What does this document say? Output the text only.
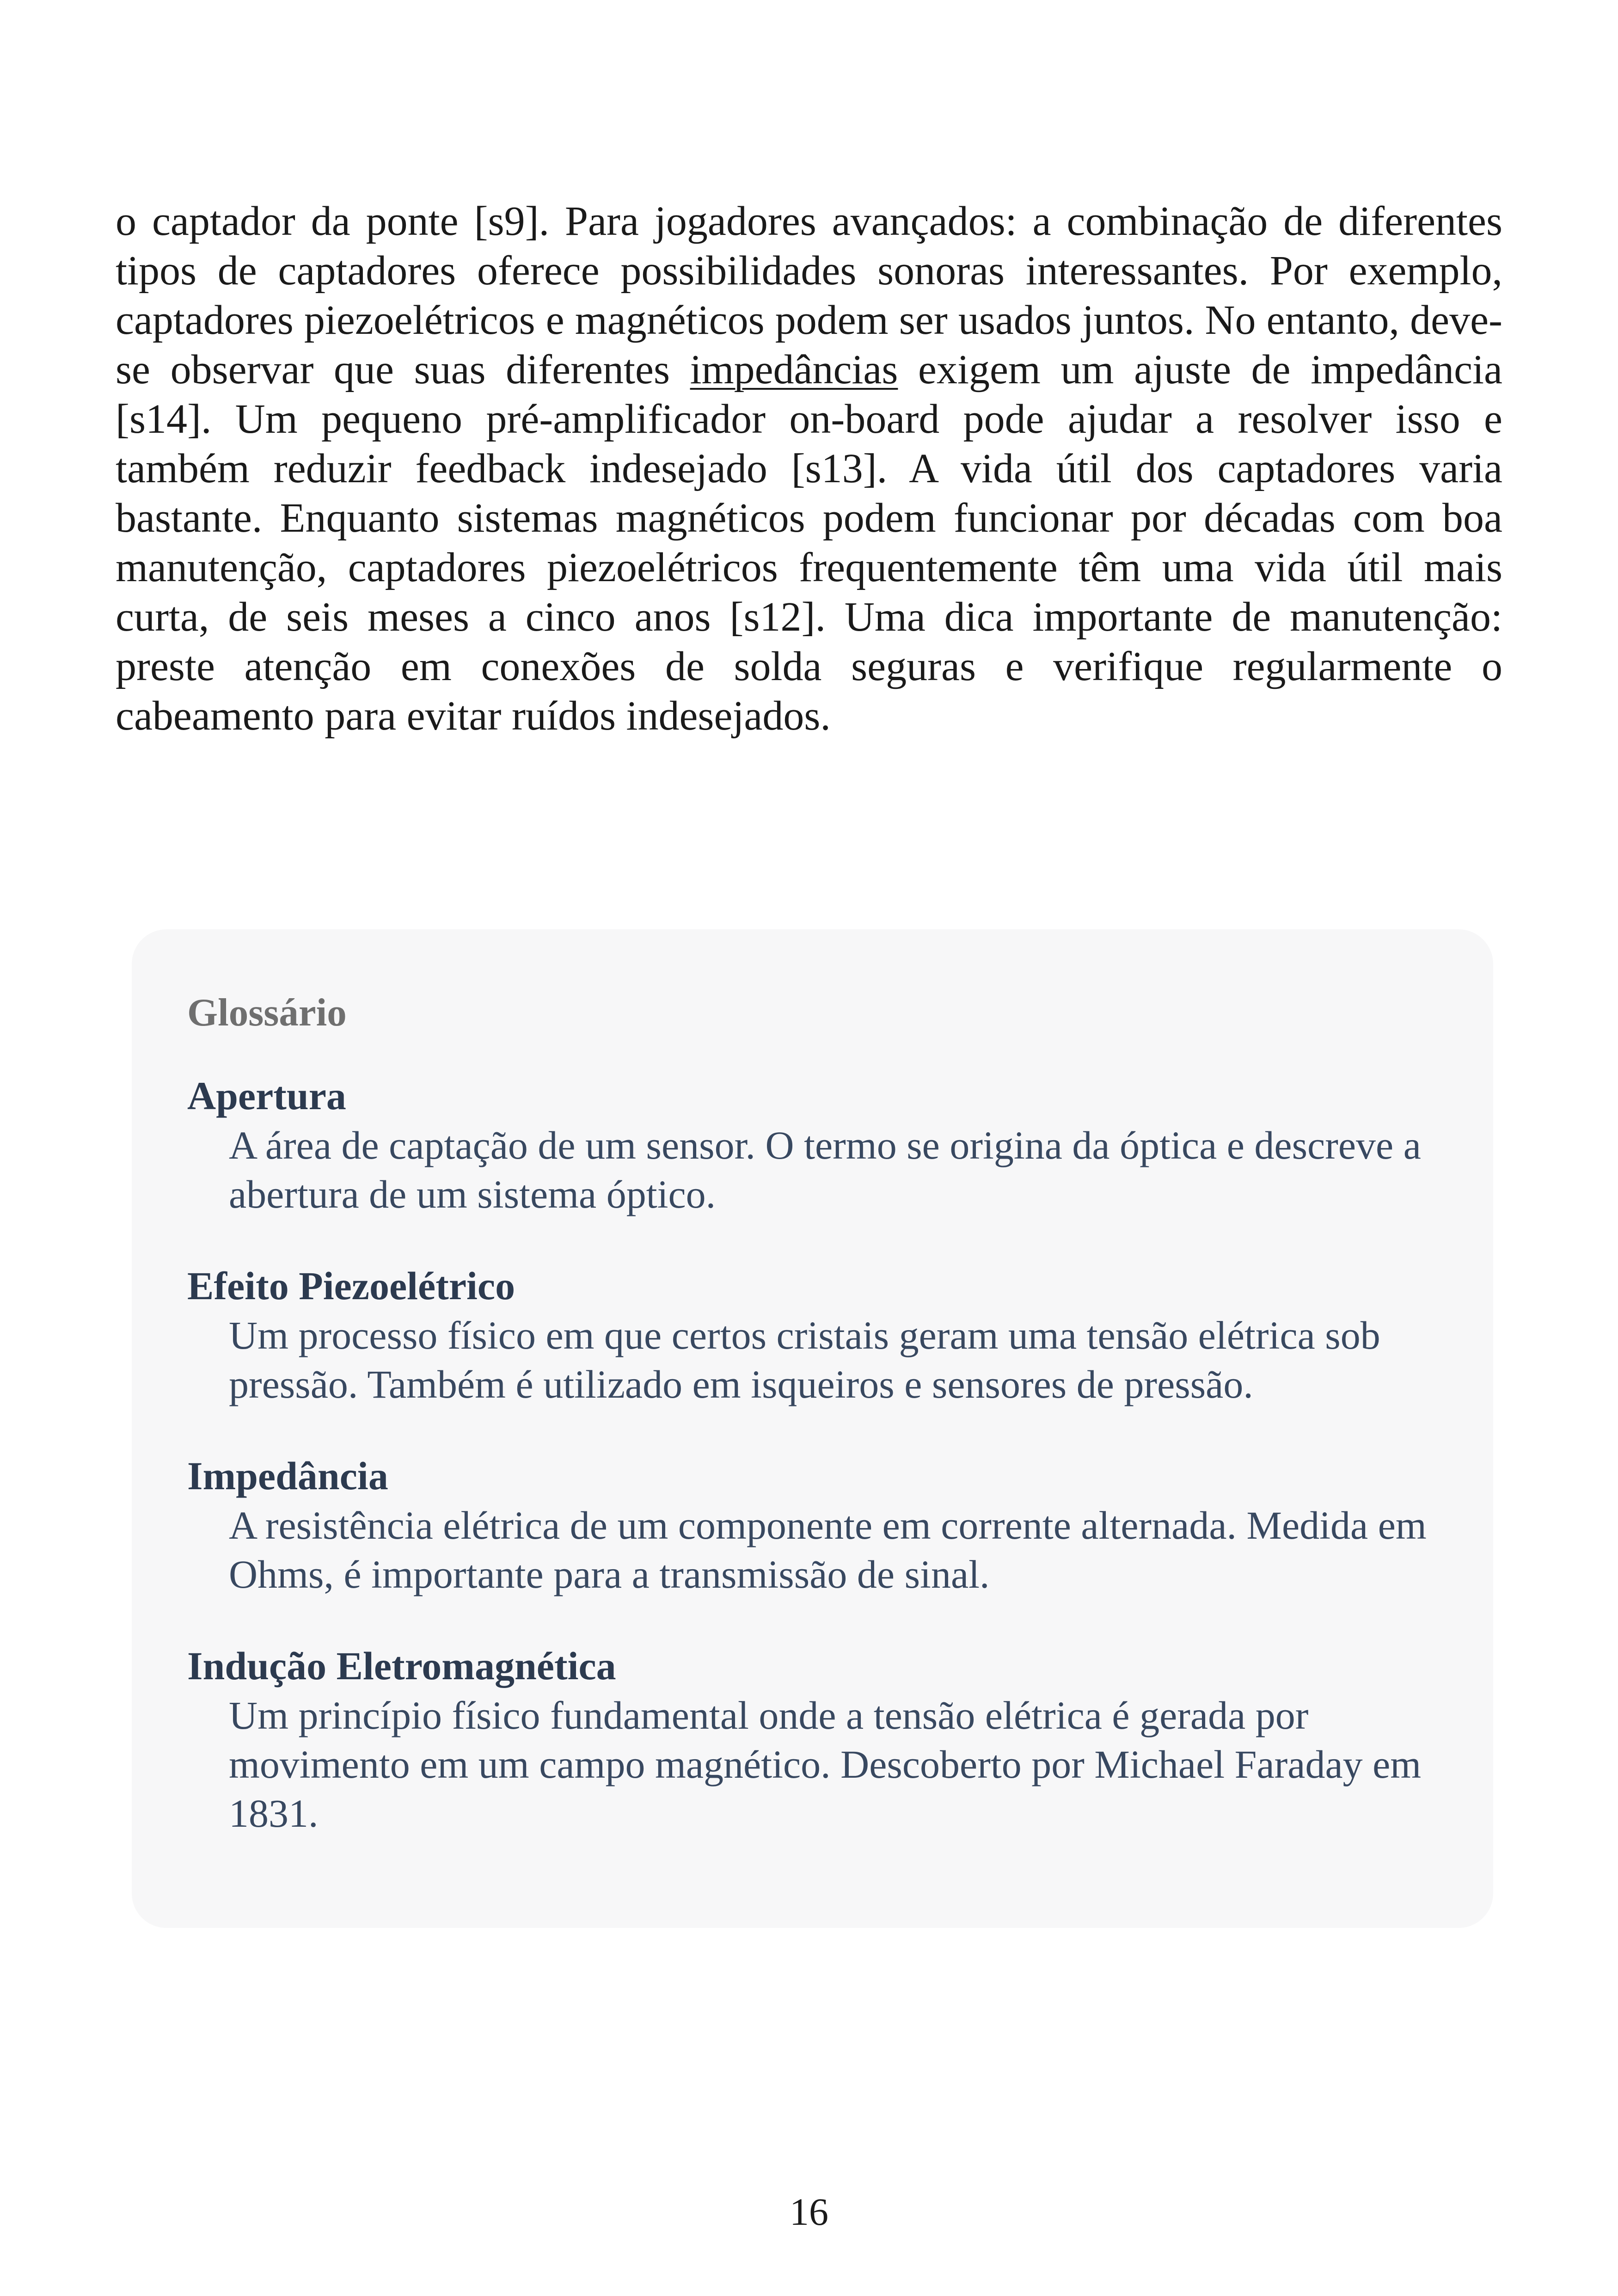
o captador da ponte [s9]. Para jogadores avançados: a combinação de diferentes tipos de captadores oferece possibilidades sonoras interessantes. Por exemplo, captadores piezoelétricos e magnéticos podem ser usados juntos. No entanto, deve-se observar que suas diferentes impedâncias exigem um ajuste de impedância [s14]. Um pequeno pré-amplificador on-board pode ajudar a resolver isso e também reduzir feedback indesejado [s13]. A vida útil dos captadores varia bastante. Enquanto sistemas magnéticos podem funcionar por décadas com boa manutenção, captadores piezoelétricos frequentemente têm uma vida útil mais curta, de seis meses a cinco anos [s12]. Uma dica importante de manutenção: preste atenção em conexões de solda seguras e verifique regularmente o cabeamento para evitar ruídos indesejados.

Glossário
Apertura
A área de captação de um sensor. O termo se origina da óptica e descreve a abertura de um sistema óptico.
Efeito Piezoelétrico
Um processo físico em que certos cristais geram uma tensão elétrica sob pressão. Também é utilizado em isqueiros e sensores de pressão.
Impedância
A resistência elétrica de um componente em corrente alternada. Medida em Ohms, é importante para a transmissão de sinal.
Indução Eletromagnética
Um princípio físico fundamental onde a tensão elétrica é gerada por movimento em um campo magnético. Descoberto por Michael Faraday em 1831.
16
